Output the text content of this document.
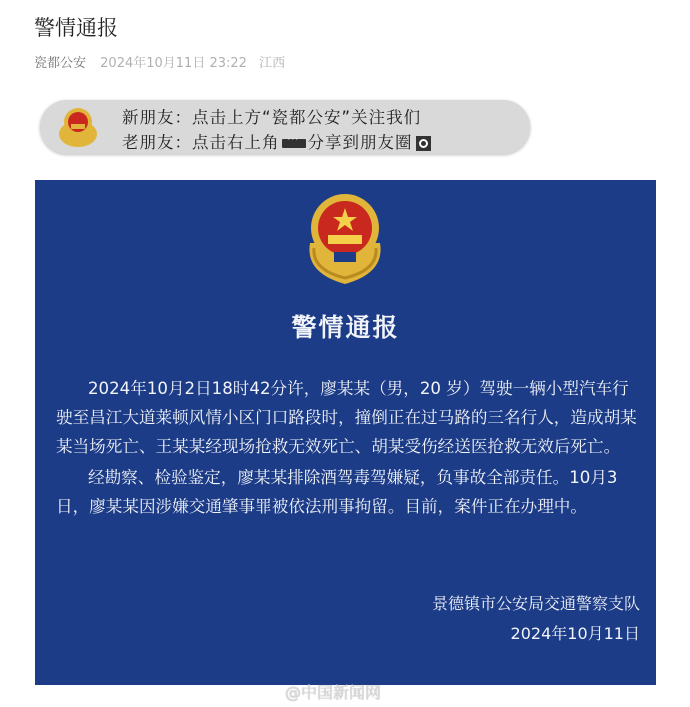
警情通报
瓷都公安 2024年10月11日 23:22 江西
新朋友：点击上方“瓷都公安”关注我们
老朋友：点击右上角 ··· 分享到朋友圈
警情通报
2024年10月2日18时42分许，廖某某（男，20 岁）驾驶一辆小型汽车行
驶至昌江大道莱顿风情小区门口路段时，撞倒正在过马路的三名行人，造成胡某
某当场死亡、王某某经现场抢救无效死亡、胡某受伤经送医抢救无效后死亡。
经勘察、检验鉴定，廖某某排除酒驾毒驾嫌疑，负事故全部责任。10月3
日，廖某某因涉嫌交通肇事罪被依法刑事拘留。目前，案件正在办理中。
景德镇市公安局交通警察支队
2024年10月11日
@中国新闻网
